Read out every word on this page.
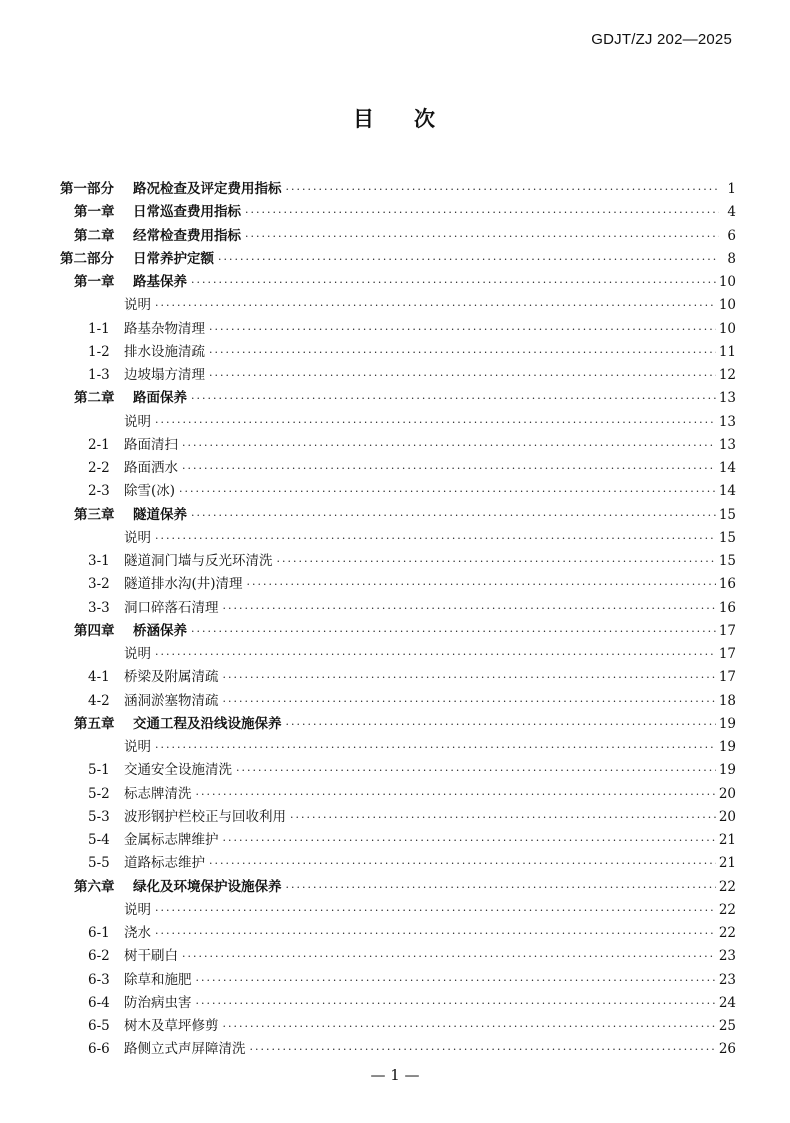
GDJT/ZJ 202—2025
目 次
第一部分	路况检查及评定费用指标 ·····	1
第一章	日常巡查费用指标 ·····	4
第二章	经常检查费用指标 ·····	6
第二部分	日常养护定额 ·····	8
第一章	路基保养 ·····	10
说明 ·····	10
1-1	路基杂物清理 ·····	10
1-2	排水设施清疏 ·····	11
1-3	边坡塌方清理 ·····	12
第二章	路面保养 ·····	13
说明 ·····	13
2-1	路面清扫 ·····	13
2-2	路面洒水 ·····	14
2-3	除雪(冰) ·····	14
第三章	隧道保养 ·····	15
说明 ·····	15
3-1	隧道洞门墙与反光环清洗 ·····	15
3-2	隧道排水沟(井)清理 ·····	16
3-3	洞口碎落石清理 ·····	16
第四章	桥涵保养 ·····	17
说明 ·····	17
4-1	桥梁及附属清疏 ·····	17
4-2	涵洞淤塞物清疏 ·····	18
第五章	交通工程及沿线设施保养 ·····	19
说明 ·····	19
5-1	交通安全设施清洗 ·····	19
5-2	标志牌清洗 ·····	20
5-3	波形钢护栏校正与回收利用 ·····	20
5-4	金属标志牌维护 ·····	21
5-5	道路标志维护 ·····	21
第六章	绿化及环境保护设施保养 ·····	22
说明 ·····	22
6-1	浇水 ·····	22
6-2	树干刷白 ·····	23
6-3	除草和施肥 ·····	23
6-4	防治病虫害 ·····	24
6-5	树木及草坪修剪 ·····	25
6-6	路侧立式声屏障清洗 ·····	26
— 1 —
